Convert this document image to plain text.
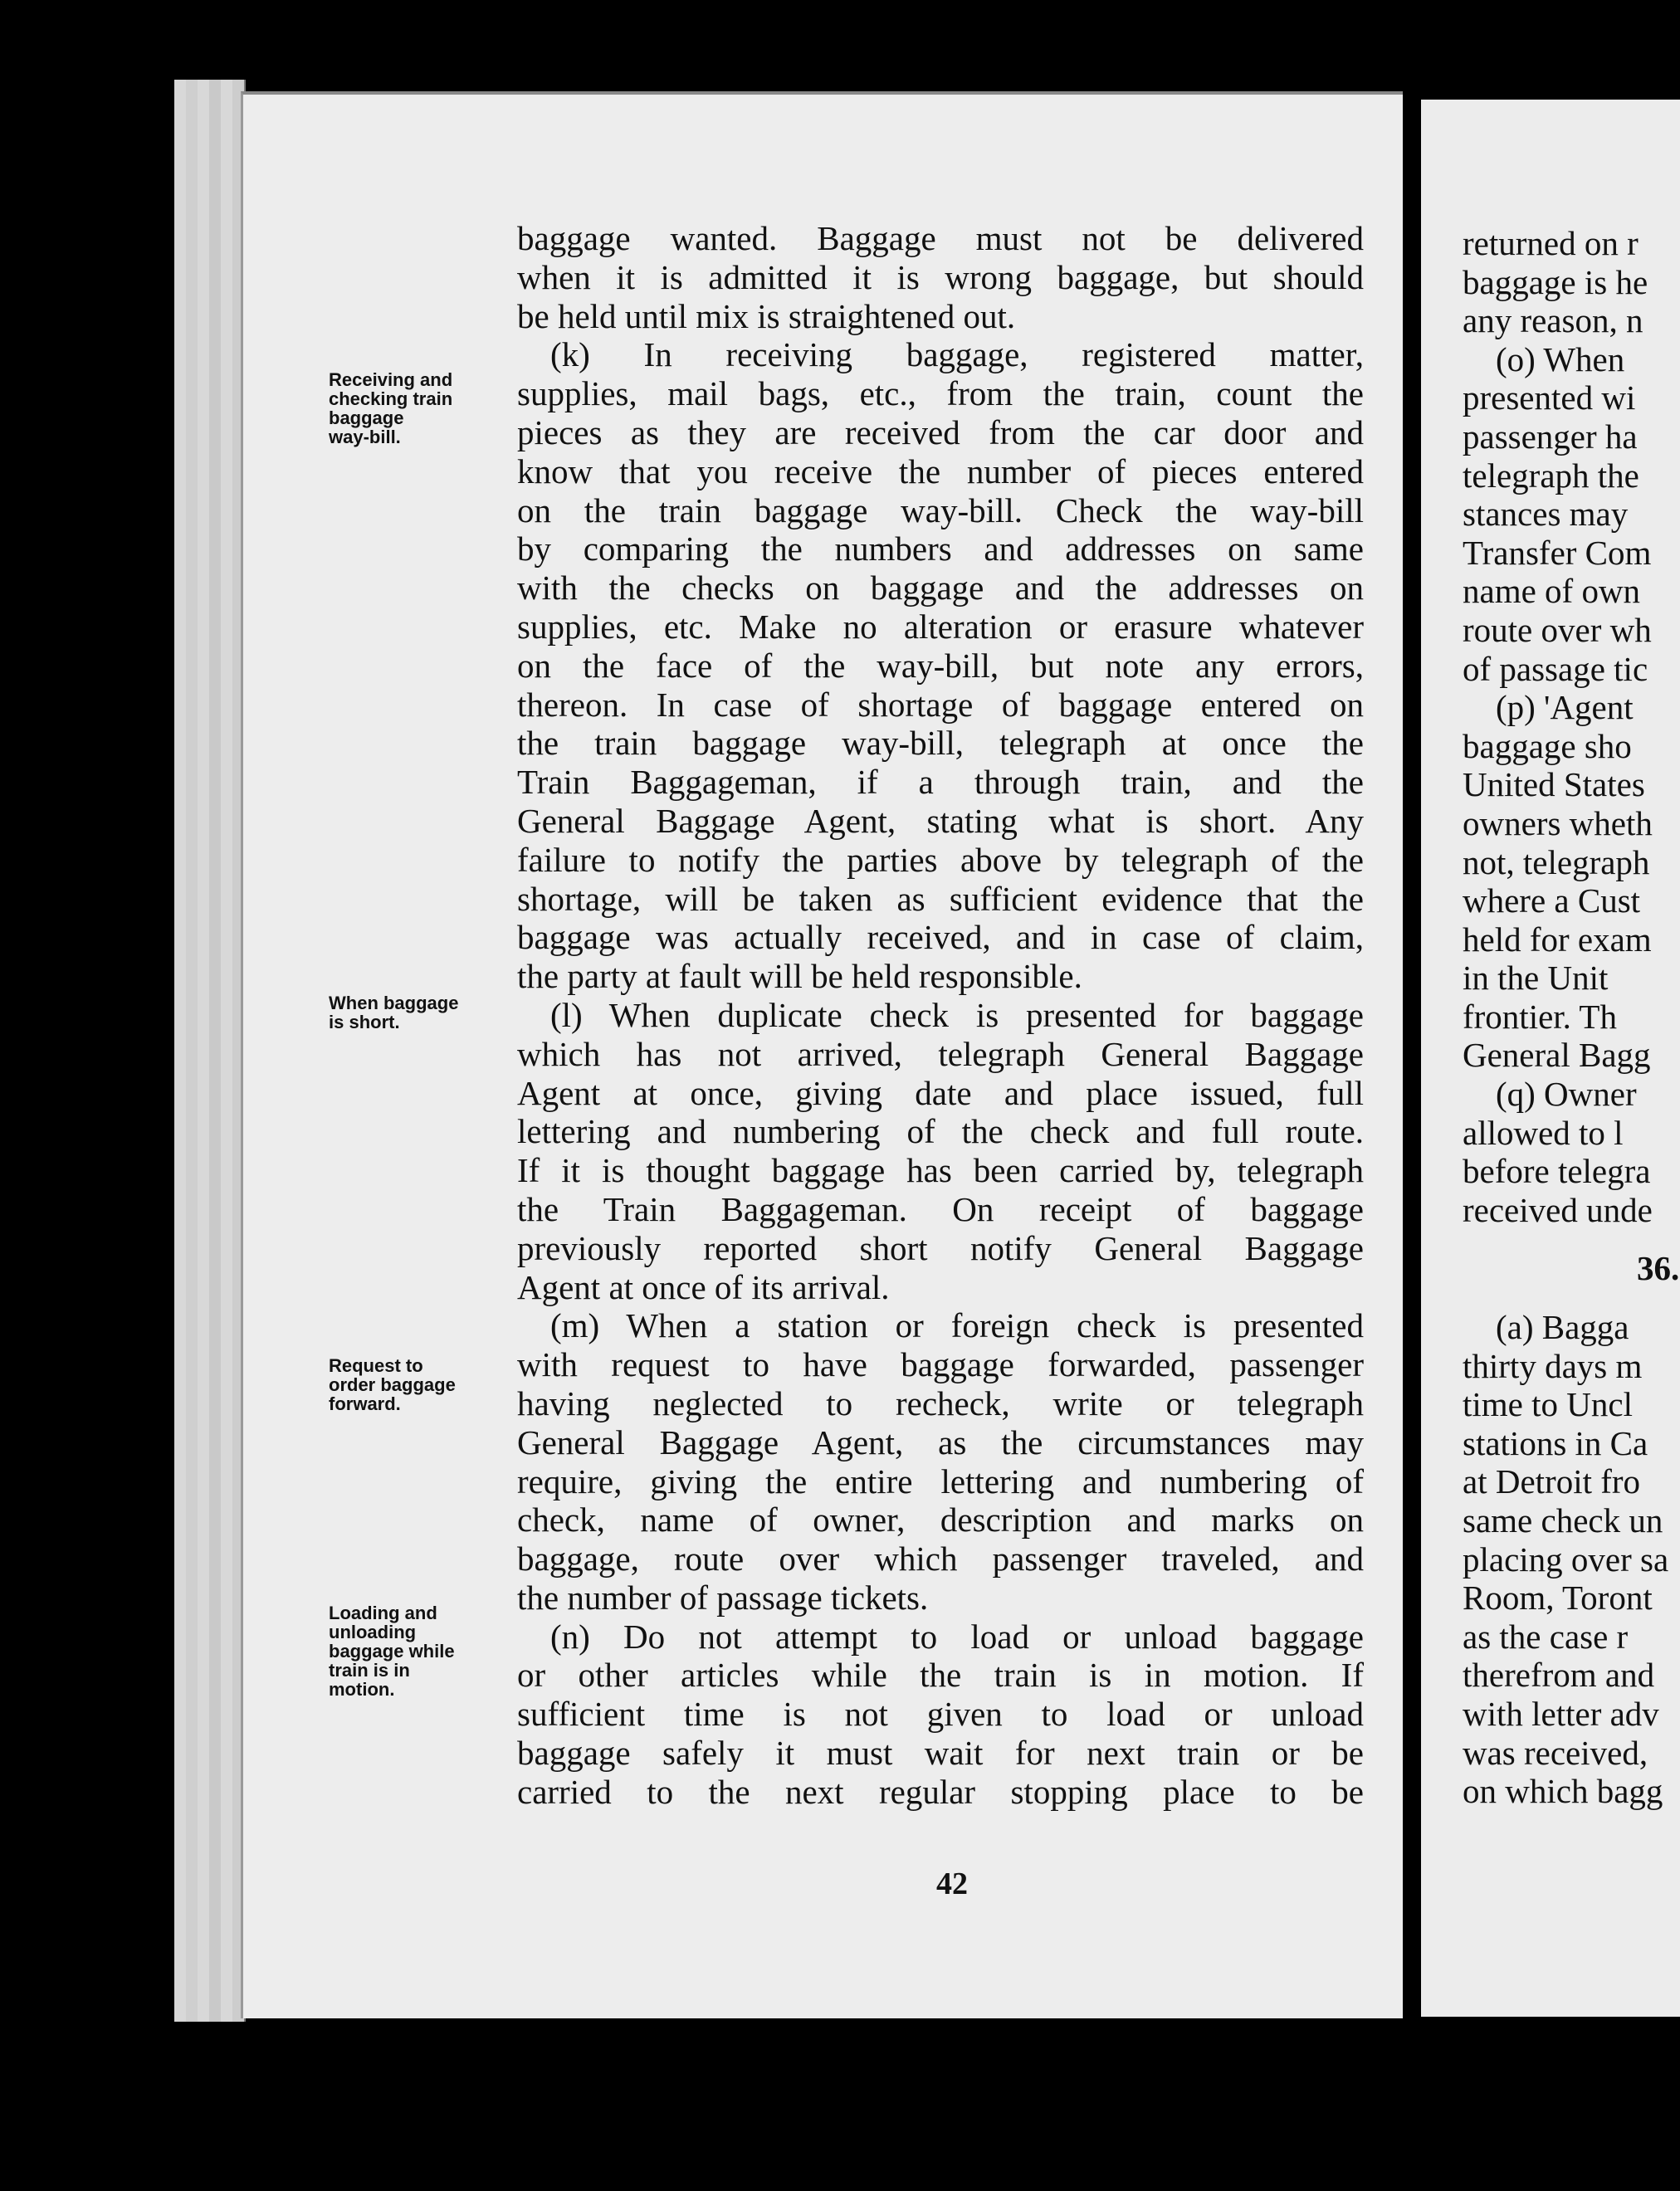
Receiving and
checking train
baggage
way-bill.
When baggage
is short.
Request to
order baggage
forward.
Loading and
unloading
baggage while
train is in
motion.
baggage wanted. Baggage must not be delivered
when it is admitted it is wrong baggage, but should
be held until mix is straightened out.
(k) In receiving baggage, registered matter,
supplies, mail bags, etc., from the train, count the
pieces as they are received from the car door and
know that you receive the number of pieces entered
on the train baggage way-bill. Check the way-bill
by comparing the numbers and addresses on same
with the checks on baggage and the addresses on
supplies, etc. Make no alteration or erasure whatever
on the face of the way-bill, but note any errors,
thereon. In case of shortage of baggage entered on
the train baggage way-bill, telegraph at once the
Train Baggageman, if a through train, and the
General Baggage Agent, stating what is short. Any
failure to notify the parties above by telegraph of the
shortage, will be taken as sufficient evidence that the
baggage was actually received, and in case of claim,
the party at fault will be held responsible.
(l) When duplicate check is presented for baggage
which has not arrived, telegraph General Baggage
Agent at once, giving date and place issued, full
lettering and numbering of the check and full route.
If it is thought baggage has been carried by, telegraph
the Train Baggageman. On receipt of baggage
previously reported short notify General Baggage
Agent at once of its arrival.
(m) When a station or foreign check is presented
with request to have baggage forwarded, passenger
having neglected to recheck, write or telegraph
General Baggage Agent, as the circumstances may
require, giving the entire lettering and numbering of
check, name of owner, description and marks on
baggage, route over which passenger traveled, and
the number of passage tickets.
(n) Do not attempt to load or unload baggage
or other articles while the train is in motion. If
sufficient time is not given to load or unload
baggage safely it must wait for next train or be
carried to the next regular stopping place to be
42
returned on r
baggage is he
any reason, n
(o) When
presented wi
passenger ha
telegraph the
stances may
Transfer Com
name of own
route over wh
of passage tic
(p) 'Agent
baggage sho
United States
owners wheth
not, telegraph
where a Cust
held for exam
in the Unit
frontier. Th
General Bagg
(q) Owner
allowed to l
before telegra
received unde
36.
(a) Bagga
thirty days m
time to Uncl
stations in Ca
at Detroit fro
same check un
placing over sa
Room, Toront
as the case r
therefrom and
with letter adv
was received,
on which bagg
